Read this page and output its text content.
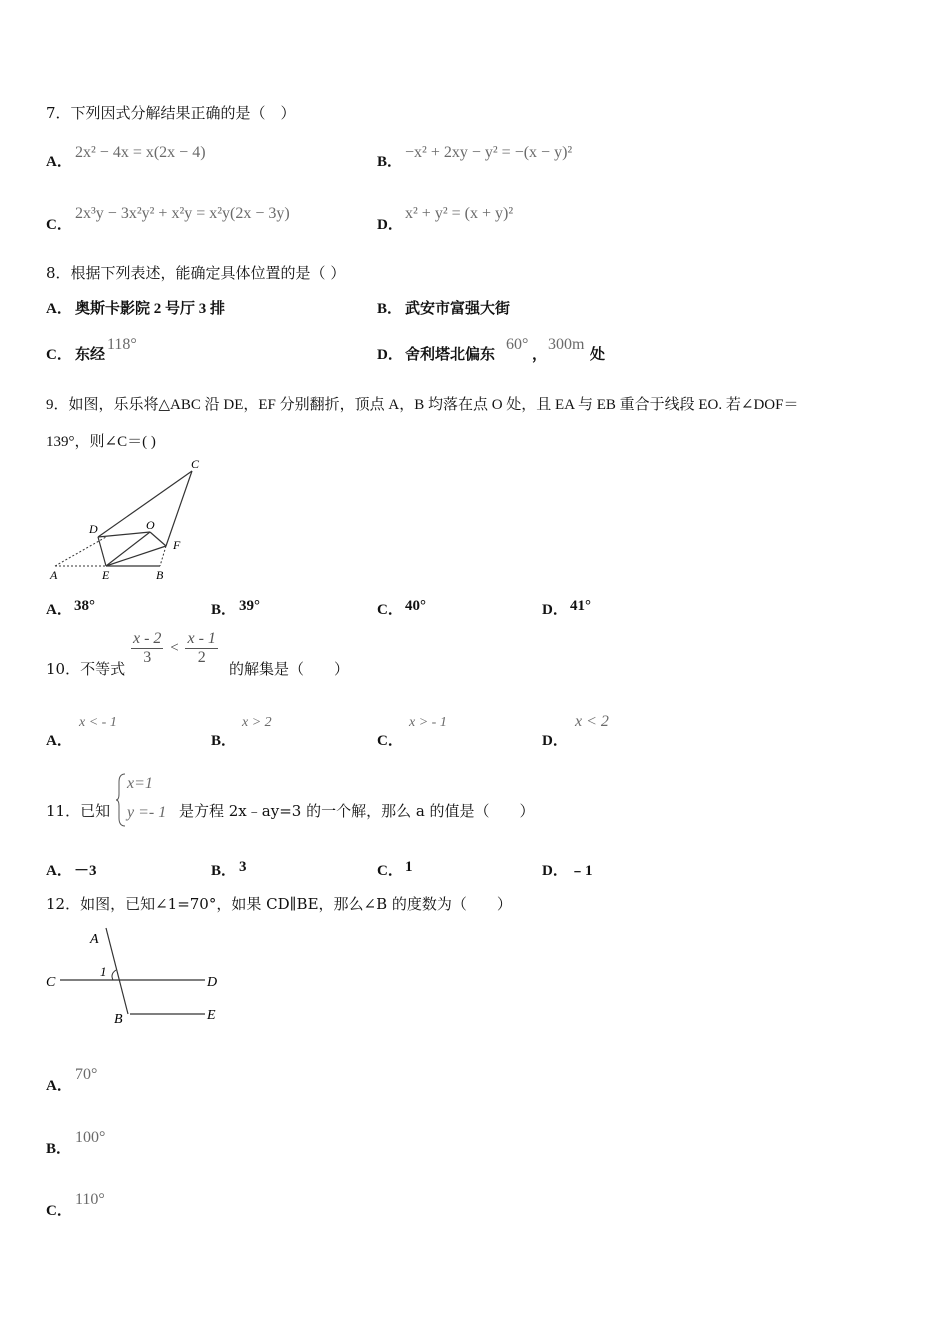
7．下列因式分解结果正确的是（　）
A．
2x² − 4x = x(2x − 4)
B．
−x² + 2xy − y² = −(x − y)²
C．
2x³y − 3x²y² + x²y = x²y(2x − 3y)
D．
x² + y² = (x + y)²
8．根据下列表述，能确定具体位置的是（ ）
A． 奥斯卡影院 2 号厅 3 排	B． 武安市富强大街
C． 东经
118°
D． 舍利塔北偏东
60°
，
300m
处
9．如图，乐乐将△ABC 沿 DE，EF 分别翻折，顶点 A，B 均落在点 O 处，且 EA 与 EB 重合于线段 EO. 若∠DOF＝
139°，则∠C＝( )
A	E	B
D	O
F
C
A． 38°	B． 39°	C． 40°	D． 41°
10．不等式
$\frac{x - 2}{3} < \frac{x - 1}{2}$
的解集是（　　）
A．
x < - 1
B．
x > 2
C．
x > - 1
D．
x < 2
11．已知
x=1
y =- 1 是方程 2x﹣ay=3 的一个解，那么 a 的值是（　　）
A． －3	B． 3	C． 1	D． ﹣1
12．如图，已知∠1=70°，如果 CD∥BE，那么∠B 的度数为（　　）
A
C	D
B	E
1
A．
70°
B．
100°
C．
110°
